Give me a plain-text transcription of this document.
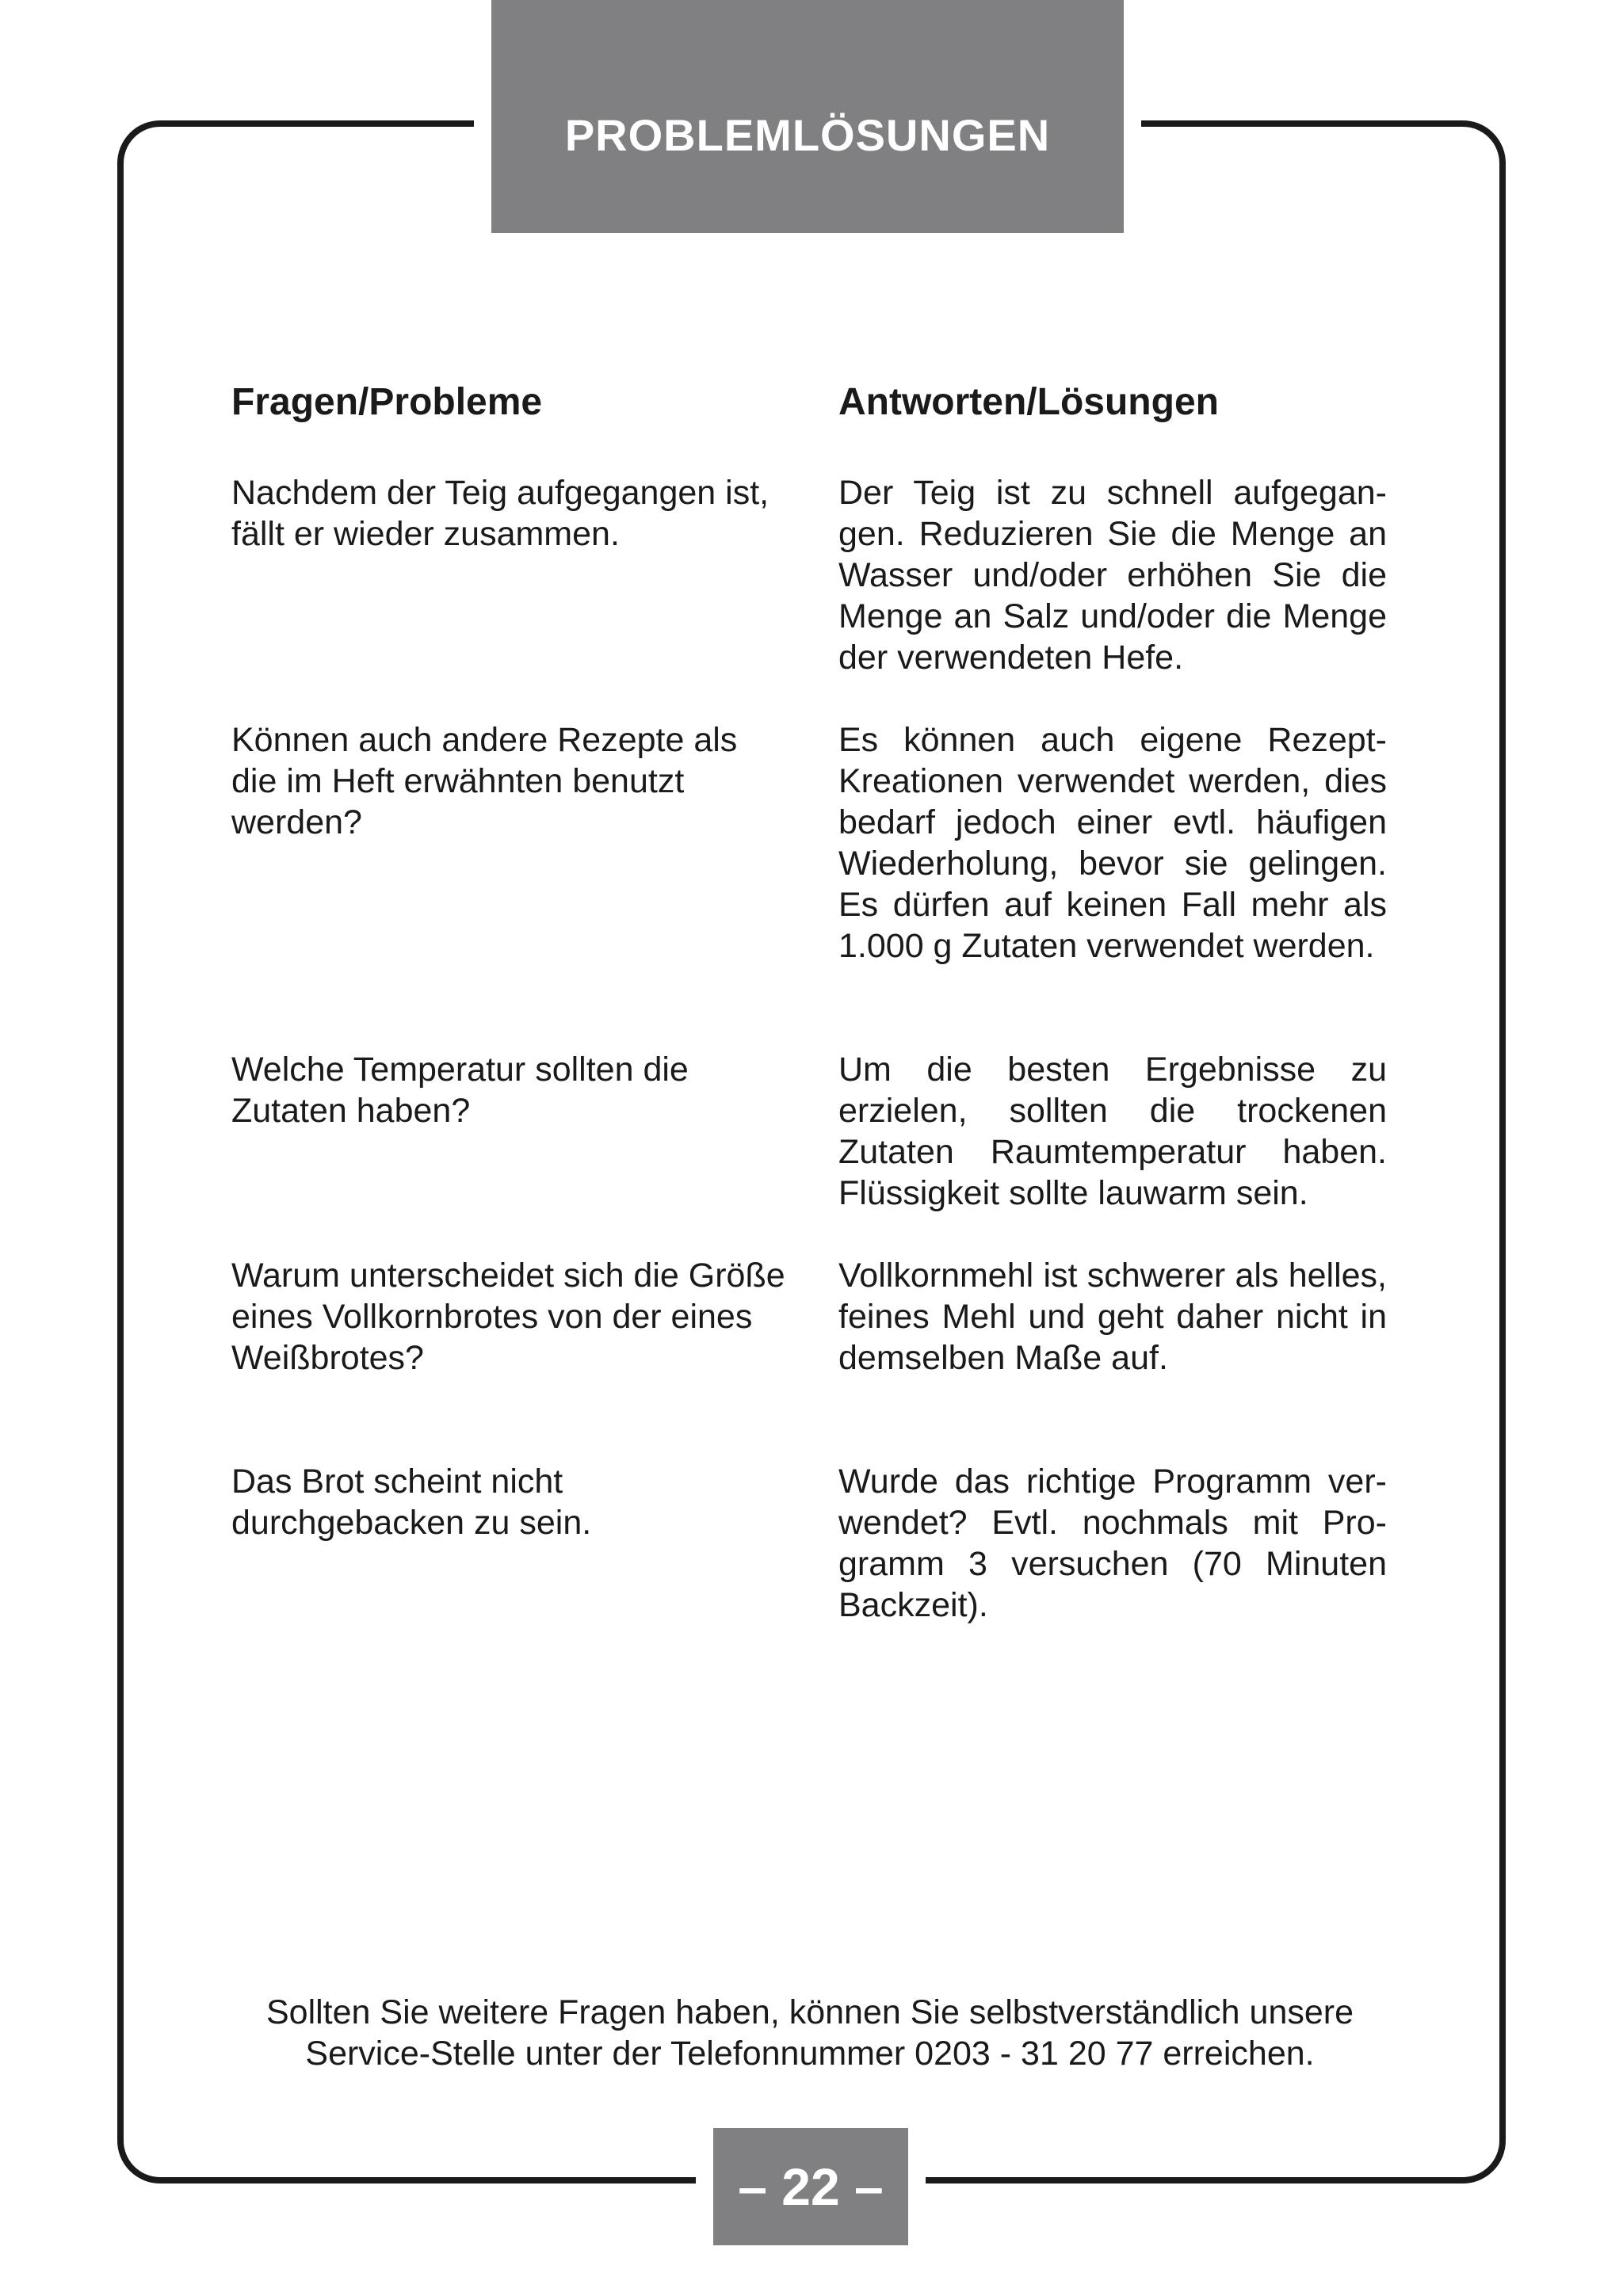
PROBLEMLÖSUNGEN
Fragen/Probleme	Antworten/Lösungen
Nachdem der Teig aufgegangen ist, fällt er wieder zusammen.
Der Teig ist zu schnell aufgegangen. Reduzieren Sie die Menge an Wasser und/oder erhöhen Sie die Menge an Salz und/oder die Menge der verwendeten Hefe.
Können auch andere Rezepte als die im Heft erwähnten benutzt werden?
Es können auch eigene Rezept-Kreationen verwendet werden, dies bedarf jedoch einer evtl. häufigen Wiederholung, bevor sie gelingen. Es dürfen auf keinen Fall mehr als 1.000 g Zutaten verwendet werden.
Welche Temperatur sollten die Zutaten haben?
Um die besten Ergebnisse zu erzielen, sollten die trockenen Zutaten Raumtemperatur haben. Flüssigkeit sollte lauwarm sein.
Warum unterscheidet sich die Größe eines Vollkornbrotes von der eines Weißbrotes?
Vollkornmehl ist schwerer als helles, feines Mehl und geht daher nicht in demselben Maße auf.
Das Brot scheint nicht durchgebacken zu sein.
Wurde das richtige Programm verwendet? Evtl. nochmals mit Programm 3 versuchen (70 Minuten Backzeit).
Sollten Sie weitere Fragen haben, können Sie selbstverständlich unsere
Service-Stelle unter der Telefonnummer 0203 - 31 20 77 erreichen.
– 22 –
